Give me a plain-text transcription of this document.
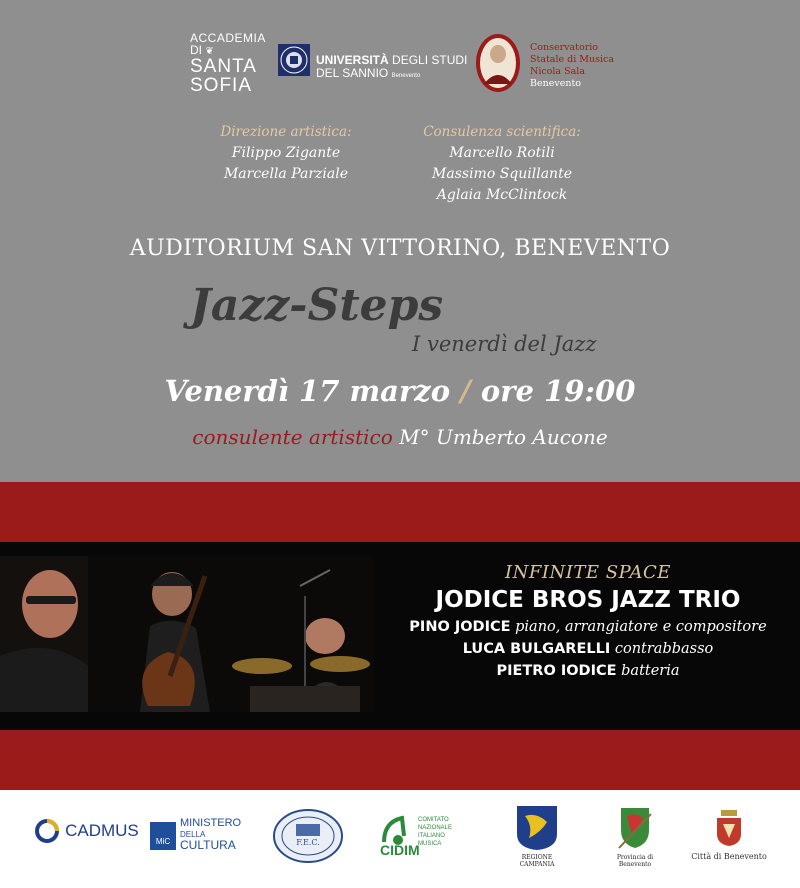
ACCADEMIA
DI ❦
SANTA
SOFIA
UNIVERSITÀ DEGLI STUDI
DEL SANNIO Benevento
Conservatorio
Statale di Musica
Nicola Sala
Benevento
Direzione artistica:
Filippo Zigante
Marcella Parziale
Consulenza scientifica:
Marcello Rotili
Massimo Squillante
Aglaia McClintock
AUDITORIUM SAN VITTORINO, BENEVENTO
Jazz-Steps
I venerdì del Jazz
Venerdì 17 marzo / ore 19:00
consulente artistico M° Umberto Aucone
INFINITE SPACE
JODICE BROS JAZZ TRIO
PINO JODICE piano, arrangiatore e compositore
LUCA BULGARELLI contrabbasso
PIETRO IODICE batteria
CADMUS
MiC
MINISTERO
DELLA
CULTURA	F.E.C.	CIDIM
COMITATO
NAZIONALE
ITALIANO
MUSICA
REGIONE CAMPANIA
Provincia di Benevento
Città di Benevento
